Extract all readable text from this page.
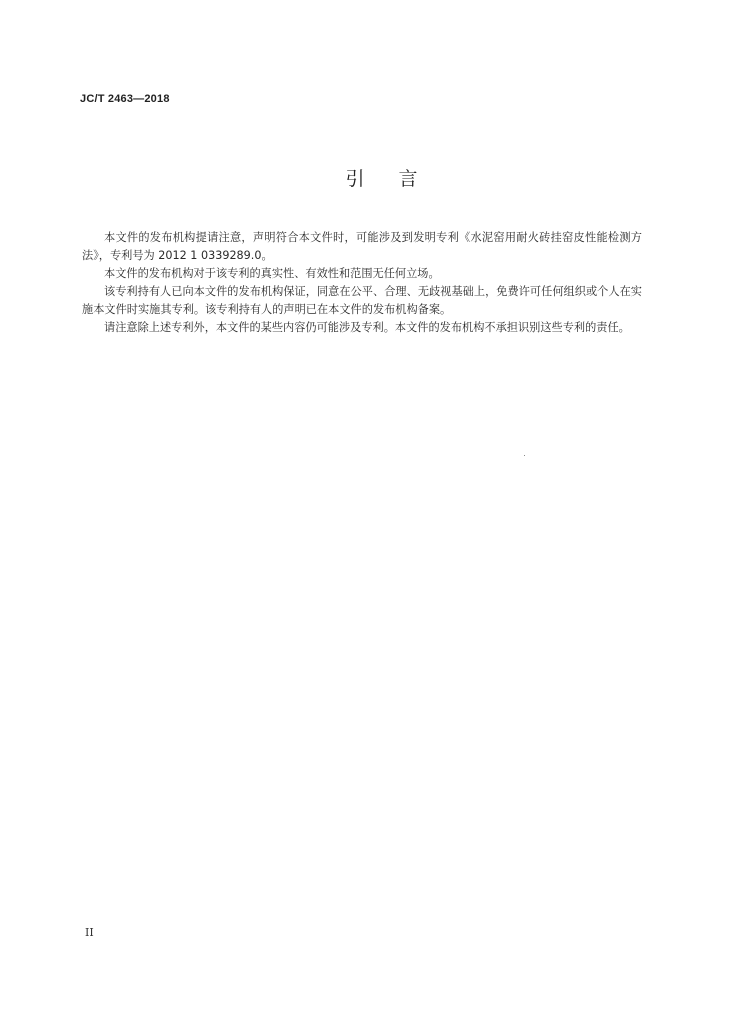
JC/T 2463—2018
引言

本文件的发布机构提请注意，声明符合本文件时，可能涉及到发明专利《水泥窑用耐火砖挂窑皮性能检测方法》，专利号为 2012 1 0339289.0。

本文件的发布机构对于该专利的真实性、有效性和范围无任何立场。

该专利持有人已向本文件的发布机构保证，同意在公平、合理、无歧视基础上，免费许可任何组织或个人在实施本文件时实施其专利。该专利持有人的声明已在本文件的发布机构备案。

请注意除上述专利外，本文件的某些内容仍可能涉及专利。本文件的发布机构不承担识别这些专利的责任。

II
